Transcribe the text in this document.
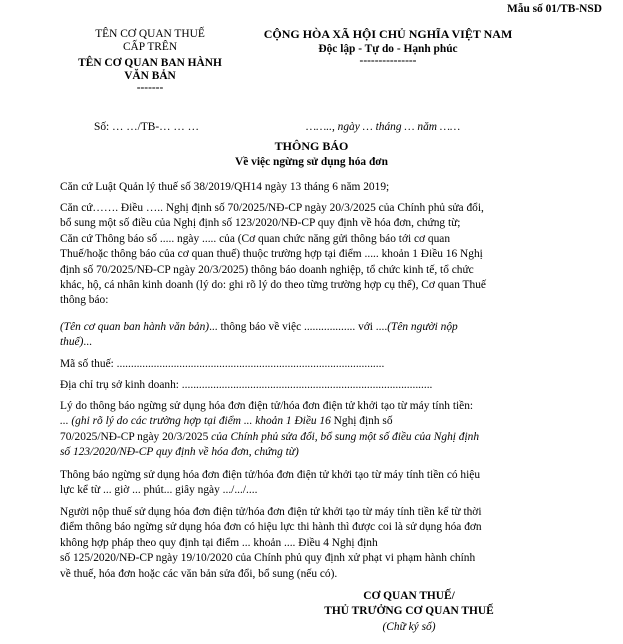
Mẫu số 01/TB-NSD
TÊN CƠ QUAN THUẾ
CẤP TRÊN
TÊN CƠ QUAN BAN HÀNH
VĂN BẢN
-------
CỘNG HÒA XÃ HỘI CHỦ NGHĨA VIỆT NAM
Độc lập - Tự do - Hạnh phúc
---------------
Số: … …/TB-… … …	…….., ngày … tháng … năm ……
THÔNG BÁO
Về việc ngừng sử dụng hóa đơn
Căn cứ Luật Quản lý thuế số 38/2019/QH14 ngày 13 tháng 6 năm 2019;
Căn cứ……. Điều ….. Nghị định số 70/2025/NĐ-CP ngày 20/3/2025 của Chính phủ sửa đổi,
bổ sung một số điều của Nghị định số 123/2020/NĐ-CP quy định về hóa đơn, chứng từ;
Căn cứ Thông báo số ..... ngày ..... của (Cơ quan chức năng gửi thông báo tới cơ quan
Thuế/hoặc thông báo của cơ quan thuế) thuộc trường hợp tại điểm ..... khoản 1 Điều 16 Nghị
định số 70/2025/NĐ-CP ngày 20/3/2025) thông báo doanh nghiệp, tổ chức kinh tế, tổ chức
khác, hộ, cá nhân kinh doanh (lý do: ghi rõ lý do theo từng trường hợp cụ thể), Cơ quan Thuế
thông báo:
(Tên cơ quan ban hành văn bản)... thông báo về việc .................. với ....(Tên người nộp
thuế)...
Mã số thuế: ..............................................................................................
Địa chỉ trụ sở kinh doanh: ........................................................................................
Lý do thông báo ngừng sử dụng hóa đơn điện tử/hóa đơn điện tử khởi tạo từ máy tính tiền:
... (ghi rõ lý do các trường hợp tại điểm ... khoản 1 Điều 16 Nghị định số
70/2025/NĐ-CP ngày 20/3/2025 của Chính phủ sửa đổi, bổ sung một số điều của Nghị định
số 123/2020/NĐ-CP quy định về hóa đơn, chứng từ)
Thông báo ngừng sử dụng hóa đơn điện tử/hóa đơn điện tử khởi tạo từ máy tính tiền có hiệu
lực kể từ ... giờ ... phút... giây ngày .../.../....
Người nộp thuế sử dụng hóa đơn điện tử/hóa đơn điện tử khởi tạo từ máy tính tiền kể từ thời
điểm thông báo ngừng sử dụng hóa đơn có hiệu lực thi hành thì được coi là sử dụng hóa đơn
không hợp pháp theo quy định tại điểm ... khoản .... Điều 4 Nghị định
số 125/2020/NĐ-CP ngày 19/10/2020 của Chính phủ quy định xử phạt vi phạm hành chính
về thuế, hóa đơn hoặc các văn bản sửa đổi, bổ sung (nếu có).
CƠ QUAN THUẾ/
THỦ TRƯỞNG CƠ QUAN THUẾ
(Chữ ký số)
